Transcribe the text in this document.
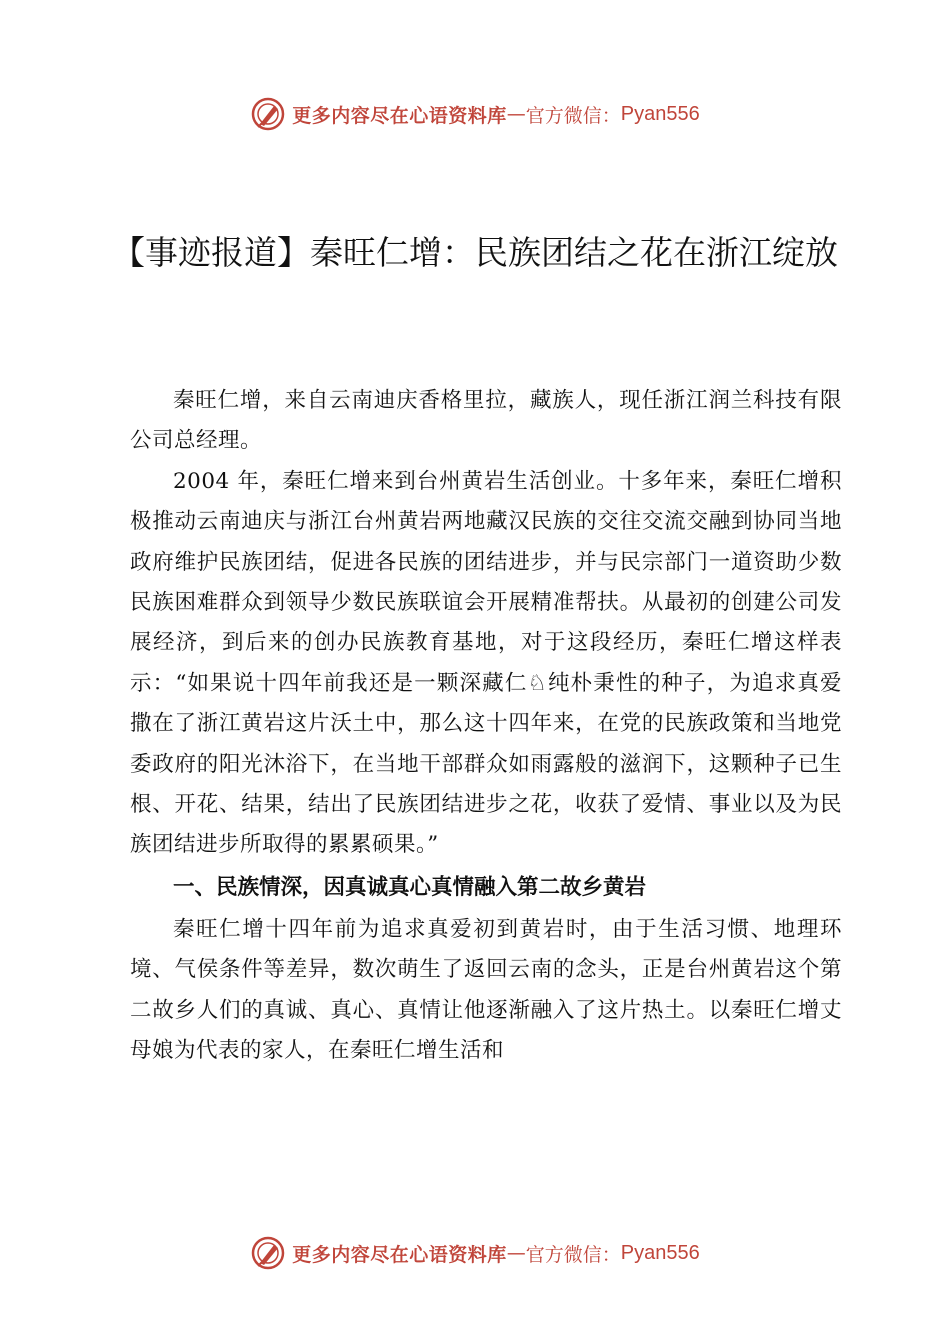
更多内容尽在心语资料库 — 官方微信： Pyan556
【事迹报道】秦旺仁增：民族团结之花在浙江绽放

秦旺仁增，来自云南迪庆香格里拉，藏族人，现任浙江润兰科技有限公司总经理。

2004 年，秦旺仁增来到台州黄岩生活创业。十多年来，秦旺仁增积极推动云南迪庆与浙江台州黄岩两地藏汉民族的交往交流交融到协同当地政府维护民族团结，促进各民族的团结进步，并与民宗部门一道资助少数民族困难群众到领导少数民族联谊会开展精准帮扶。从最初的创建公司发展经济，到后来的创办民族教育基地，对于这段经历，秦旺仁增这样表示：“如果说十四年前我还是一颗深藏仁♘纯朴秉性的种子，为追求真爱撒在了浙江黄岩这片沃土中，那么这十四年来，在党的民族政策和当地党委政府的阳光沐浴下，在当地干部群众如雨露般的滋润下，这颗种子已生根、开花、结果，结出了民族团结进步之花，收获了爱情、事业以及为民族团结进步所取得的累累硕果。”

一、民族情深，因真诚真心真情融入第二故乡黄岩

秦旺仁增十四年前为追求真爱初到黄岩时，由于生活习惯、地理环境、气侯条件等差异，数次萌生了返回云南的念头，正是台州黄岩这个第二故乡人们的真诚、真心、真情让他逐渐融入了这片热土。以秦旺仁增丈母娘为代表的家人，在秦旺仁增生活和

更多内容尽在心语资料库 — 官方微信： Pyan556
